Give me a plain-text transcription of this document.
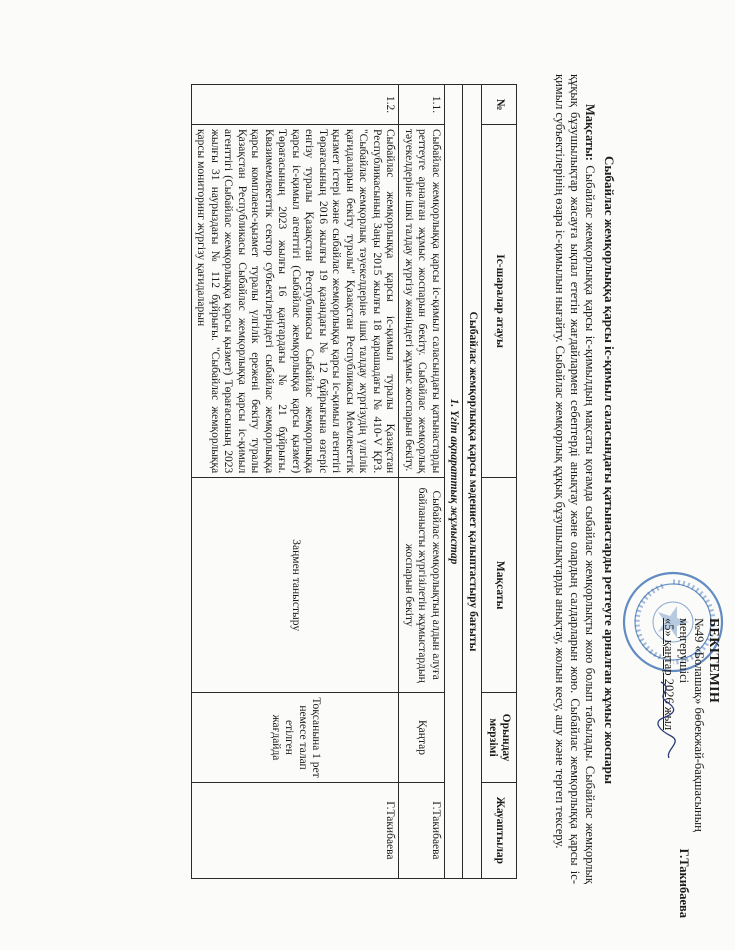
БЕКІТЕМІН
№49 «Болашақ» бөбекжай-бақшасының
меңгерушісі
Г.Такибаева
«5» қаңтар 2026 жыл
Сыбайлас жемқорлыққа қарсы іс-қимыл саласындағы қатынастарды реттеуге арналған жұмыс жоспары
Мақсаты: Сыбайлас жемқорлыққа қарсы іс-қимылдың мақсаты қоғамда сыбайлас жемқорлықты жою болып табылады. Сыбайлас жемқорлық құқық бұзушылықтар жасауға ықпал ететін жағдайлармен себептерді анықтау және олардың салдарларын жою. Сыбайлас жемқорлыққа қарсы іс-қимыл субъектілерінің өзара іс-қимылын нығайту. Сыбайлас жемқорлық құқық бұзушылықтарды анықтау, жолын кесу, ашу және тергеп тексеру.
№	Іс-шаралар атауы	Мақсаты	Орындау мерзімі	Жауаптылар
Сыбайлас жемқорлыққа қарсы мәдениет қалыптастыру бағыты				
1. Үгіт ақпараттық жұмыстар				
1.1.	Сыбайлас жемқорлыққа қарсы іс-қимыл саласындағы қатынастарды реттеуге арналған жұмыс жоспарын бекіту. Сыбайлас жемқорлық тәуекелдеріне ішкі талдау жүргізу жөніндегі жұмыс жоспарын бекіту.	Сыбайлас жемқорлықтың алдын алуға байланысты жүргізілетін жұмыстардың жоспарын бекіту	Қаңтар	Г.Такибаева
1.2.	Сыбайлас жемқорлыққа қарсы іс-қимыл туралы Қазақстан Республикасының Заңы 2015 жылғы 18 қарашадағы № 410-V ҚРЗ. "Сыбайлас жемқорлық тәуекелдеріне ішкі талдау жүргізудің үлгілік қағидаларын бекіту туралы" Қазақстан Республикасы Мемлекеттік қызмет істері және сыбайлас жемқорлыққа қарсы іс-қимыл агенттігі Төрағасының 2016 жылғы 19 қазандағы № 12 бұйрығына өзгеріс енгізу туралы Қазақстан Республикасы Сыбайлас жемқорлыққа қарсы іс-қимыл агенттігі (Сыбайлас жемқорлыққа қарсы қызмет) Төрағасының 2023 жылғы 16 қаңтардағы № 21 бұйрығы. Квазимемлекеттік сектор субъектілеріндегі сыбайлас жемқорлыққа қарсы комплаенс-қызмет туралы үлгілік ережені бекіту туралы Қазақстан Республикасы Сыбайлас жемқорлыққа қарсы іс-қимыл агенттігі (Сыбайлас жемқорлыққа қарсы қызмет) Төрағасының 2023 жылғы 31 наурыздағы № 112 бұйрығы. "Сыбайлас жемқорлыққа қарсы мониторинг жүргізу қағидаларын	Заңмен таныстыру	Тоқсанына 1 рет немесе талап етілген жағдайда	Г.Такибаева
